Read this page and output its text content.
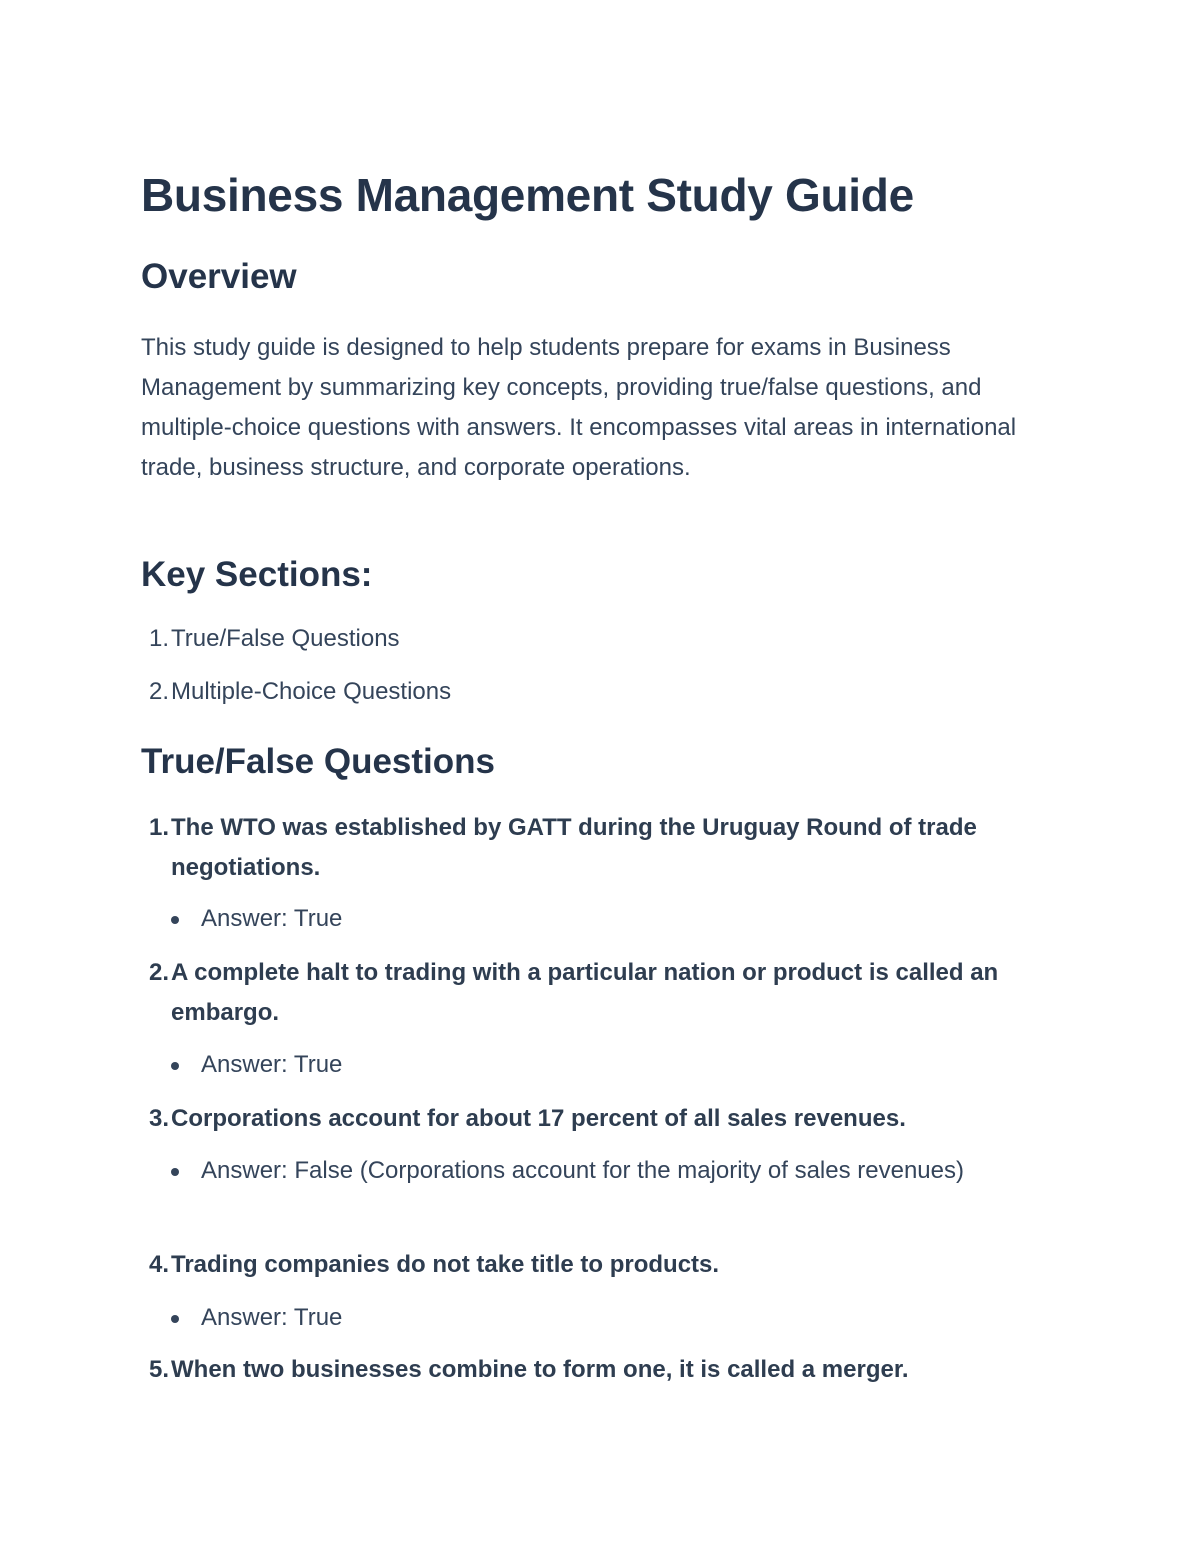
Business Management Study Guide
Overview

This study guide is designed to help students prepare for exams in Business Management by summarizing key concepts, providing true/false questions, and multiple-choice questions with answers. It encompasses vital areas in international trade, business structure, and corporate operations.

Key Sections:
1. True/False Questions
2. Multiple-Choice Questions
True/False Questions
1. The WTO was established by GATT during the Uruguay Round of trade negotiations.
Answer: True
2. A complete halt to trading with a particular nation or product is called an embargo.
Answer: True
3. Corporations account for about 17 percent of all sales revenues.
Answer: False (Corporations account for the majority of sales revenues)
4. Trading companies do not take title to products.
Answer: True
5. When two businesses combine to form one, it is called a merger.
